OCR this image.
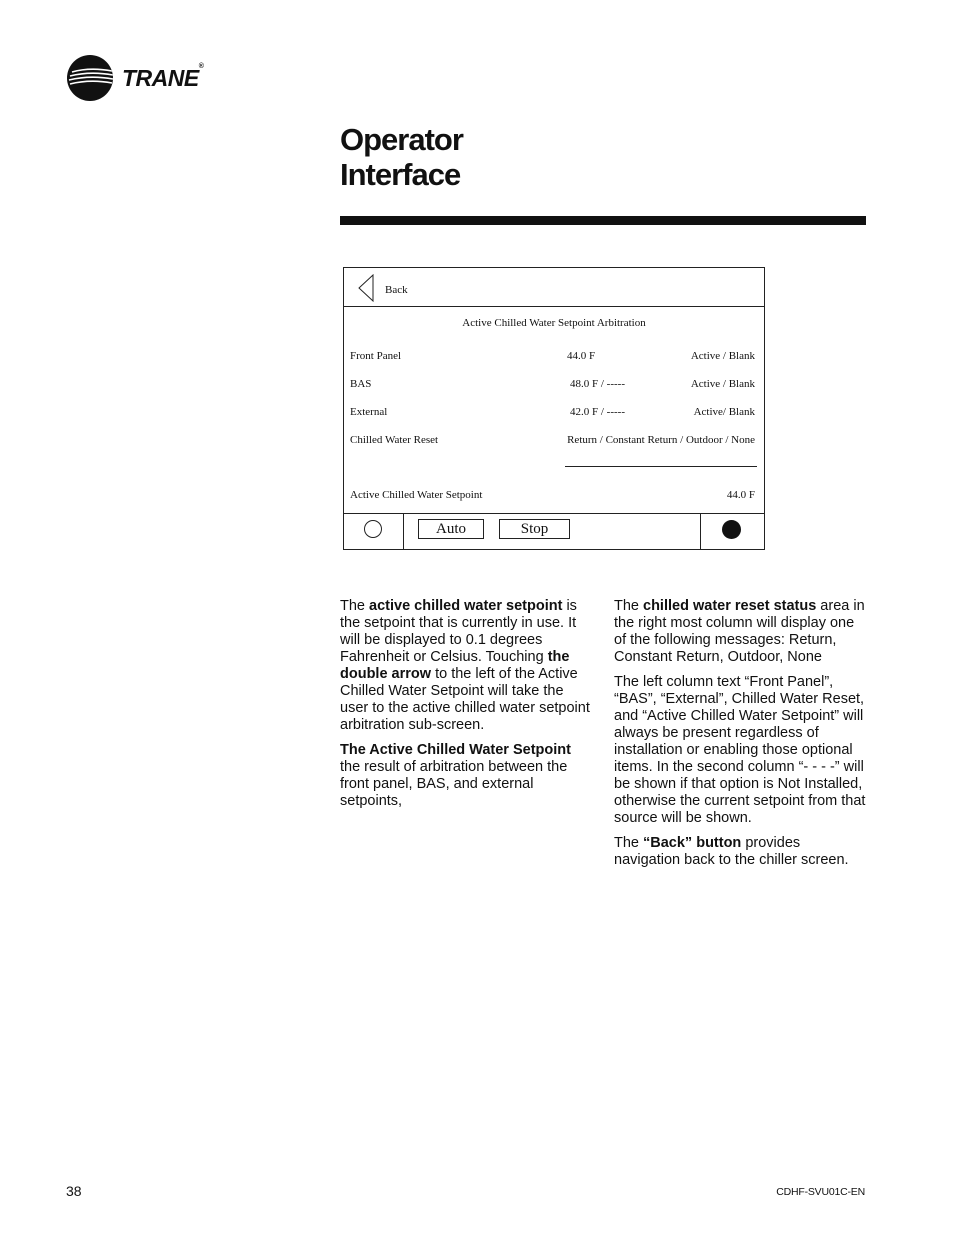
TRANE®
Operator
Interface
Back
Active Chilled Water Setpoint Arbitration
Front Panel	44.0 F	Active / Blank
BAS	48.0 F / -----	Active / Blank
External	42.0 F / -----	Active/ Blank
Chilled Water Reset	Return / Constant Return / Outdoor / None
Active Chilled Water Setpoint	44.0 F
Auto	Stop

The active chilled water setpoint is the setpoint that is currently in use. It will be displayed to 0.1 degrees Fahrenheit or Celsius. Touching the double arrow to the left of the Active Chilled Water Setpoint will take the user to the active chilled water setpoint arbitration sub-screen.

The Active Chilled Water Setpoint the result of arbitration between the front panel, BAS, and external setpoints,

The chilled water reset status area in the right most column will display one of the following messages: Return, Constant Return, Outdoor, None

The left column text “Front Panel”, “BAS”, “External”, Chilled Water Reset, and “Active Chilled Water Setpoint” will always be present regardless of installation or enabling those optional items. In the second column “- - - -” will be shown if that option is Not Installed, otherwise the current setpoint from that source will be shown.

The “Back” button provides navigation back to the chiller screen.

38	CDHF-SVU01C-EN
